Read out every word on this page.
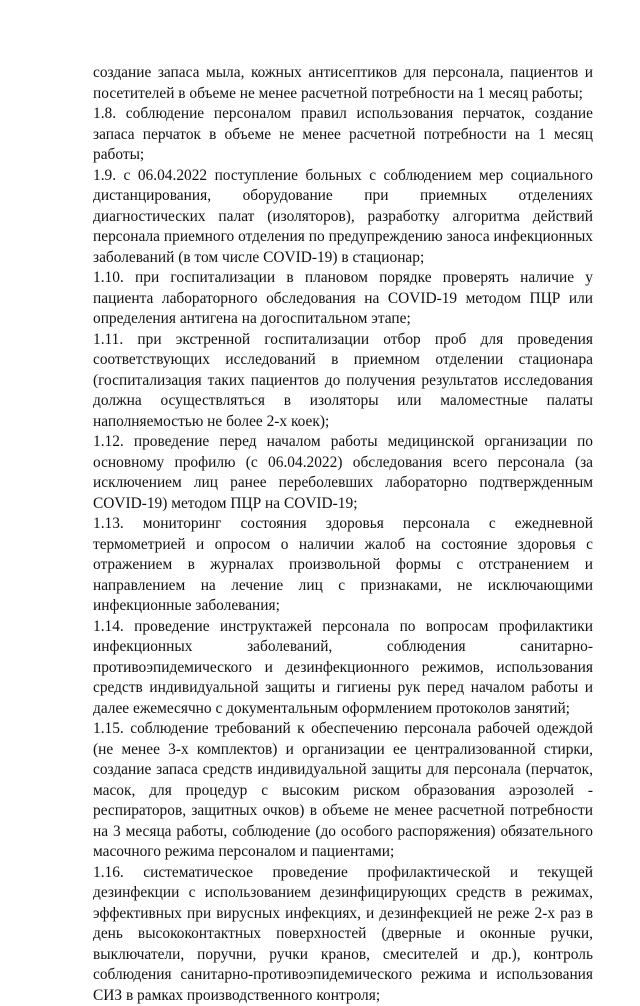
создание запаса мыла, кожных антисептиков для персонала, пациентов и посетителей в объеме не менее расчетной потребности на 1 месяц работы;

1.8. соблюдение персоналом правил использования перчаток, создание запаса перчаток в объеме не менее расчетной потребности на 1 месяц работы;

1.9. с 06.04.2022 поступление больных с соблюдением мер социального дистанцирования, оборудование при приемных отделениях диагностических палат (изоляторов), разработку алгоритма действий персонала приемного отделения по предупреждению заноса инфекционных заболеваний (в том числе COVID-19) в стационар;

1.10. при госпитализации в плановом порядке проверять наличие у пациента лабораторного обследования на COVID-19 методом ПЦР или определения антигена на догоспитальном этапе;

1.11. при экстренной госпитализации отбор проб для проведения соответствующих исследований в приемном отделении стационара (госпитализация таких пациентов до получения результатов исследования должна осуществляться в изоляторы или маломестные палаты наполняемостью не более 2-х коек);

1.12. проведение перед началом работы медицинской организации по основному профилю (с 06.04.2022) обследования всего персонала (за исключением лиц ранее переболевших лабораторно подтвержденным COVID-19) методом ПЦР на COVID-19;

1.13. мониторинг состояния здоровья персонала с ежедневной термометрией и опросом о наличии жалоб на состояние здоровья с отражением в журналах произвольной формы с отстранением и направлением на лечение лиц с признаками, не исключающими инфекционные заболевания;

1.14. проведение инструктажей персонала по вопросам профилактики инфекционных заболеваний, соблюдения санитарно-противоэпидемического и дезинфекционного режимов, использования средств индивидуальной защиты и гигиены рук перед началом работы и далее ежемесячно с документальным оформлением протоколов занятий;

1.15. соблюдение требований к обеспечению персонала рабочей одеждой (не менее 3-х комплектов) и организации ее централизованной стирки, создание запаса средств индивидуальной защиты для персонала (перчаток, масок, для процедур с высоким риском образования аэрозолей - респираторов, защитных очков) в объеме не менее расчетной потребности на 3 месяца работы, соблюдение (до особого распоряжения) обязательного масочного режима персоналом и пациентами;

1.16. систематическое проведение профилактической и текущей дезинфекции с использованием дезинфицирующих средств в режимах, эффективных при вирусных инфекциях, и дезинфекцией не реже 2-х раз в день высококонтактных поверхностей (дверные и оконные ручки, выключатели, поручни, ручки кранов, смесителей и др.), контроль соблюдения санитарно-противоэпидемического режима и использования СИЗ в рамках производственного контроля;
